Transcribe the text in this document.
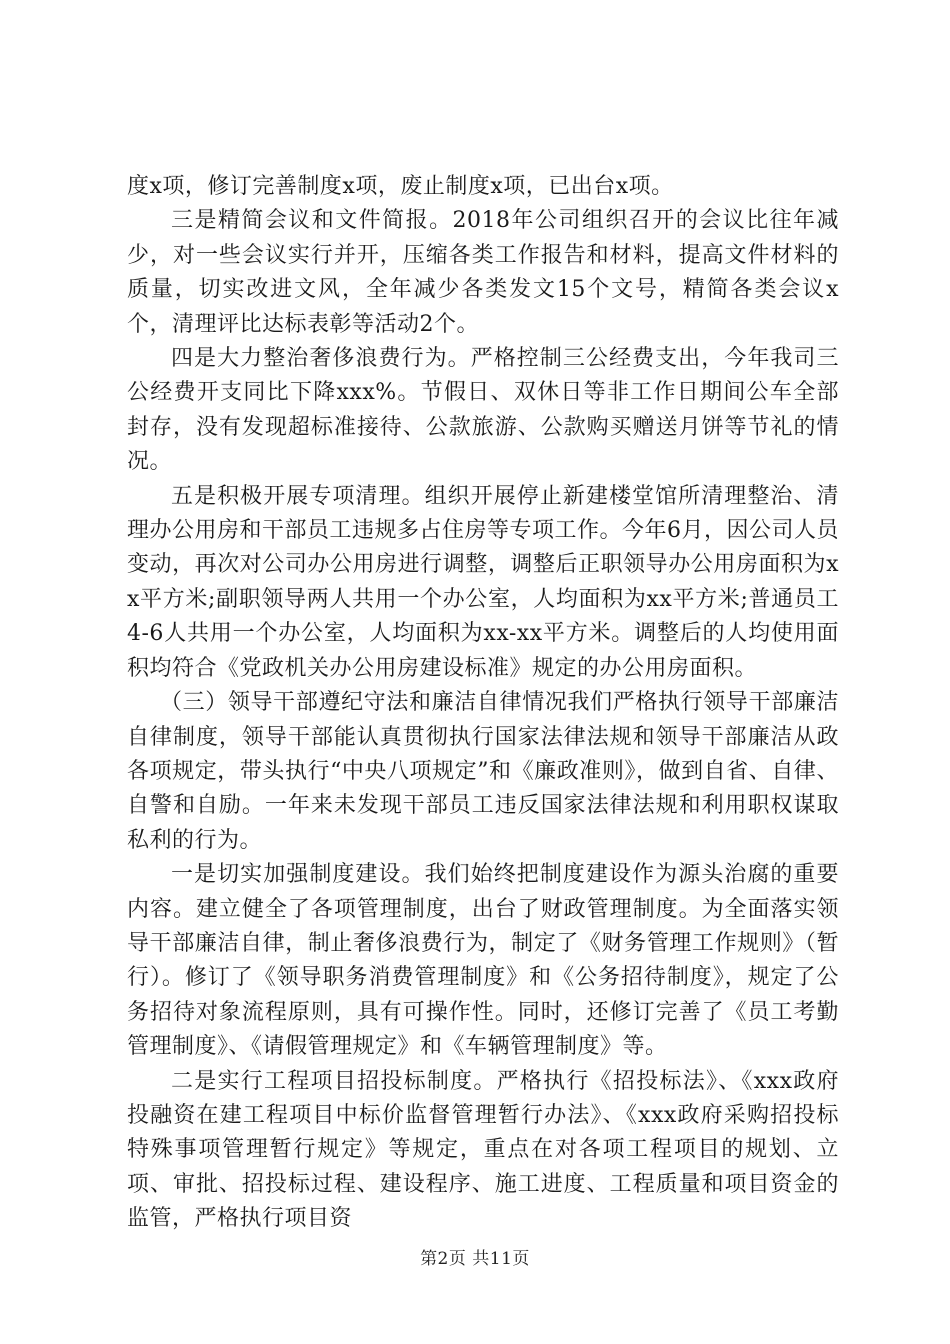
度x项，修订完善制度x项，废止制度x项，已出台x项。

三是精简会议和文件简报。2018年公司组织召开的会议比往年减少，对一些会议实行并开，压缩各类工作报告和材料，提高文件材料的质量，切实改进文风，全年减少各类发文15个文号，精简各类会议x个，清理评比达标表彰等活动2个。

四是大力整治奢侈浪费行为。严格控制三公经费支出，今年我司三公经费开支同比下降xxx%。节假日、双休日等非工作日期间公车全部封存，没有发现超标准接待、公款旅游、公款购买赠送月饼等节礼的情况。

五是积极开展专项清理。组织开展停止新建楼堂馆所清理整治、清理办公用房和干部员工违规多占住房等专项工作。今年6月，因公司人员变动，再次对公司办公用房进行调整，调整后正职领导办公用房面积为xx平方米;副职领导两人共用一个办公室，人均面积为xx平方米;普通员工4-6人共用一个办公室，人均面积为xx-xx平方米。调整后的人均使用面积均符合《党政机关办公用房建设标准》规定的办公用房面积。

（三）领导干部遵纪守法和廉洁自律情况我们严格执行领导干部廉洁自律制度，领导干部能认真贯彻执行国家法律法规和领导干部廉洁从政各项规定，带头执行“中央八项规定”和《廉政准则》，做到自省、自律、自警和自励。一年来未发现干部员工违反国家法律法规和利用职权谋取私利的行为。

一是切实加强制度建设。我们始终把制度建设作为源头治腐的重要内容。建立健全了各项管理制度，出台了财政管理制度。为全面落实领导干部廉洁自律，制止奢侈浪费行为，制定了《财务管理工作规则》（暂行）。修订了《领导职务消费管理制度》和《公务招待制度》，规定了公务招待对象流程原则，具有可操作性。同时，还修订完善了《员工考勤管理制度》、《请假管理规定》和《车辆管理制度》等。

二是实行工程项目招投标制度。严格执行《招投标法》、《xxx政府投融资在建工程项目中标价监督管理暂行办法》、《xxx政府采购招投标特殊事项管理暂行规定》等规定，重点在对各项工程项目的规划、立项、审批、招投标过程、建设程序、施工进度、工程质量和项目资金的监管，严格执行项目资

第2页 共11页
